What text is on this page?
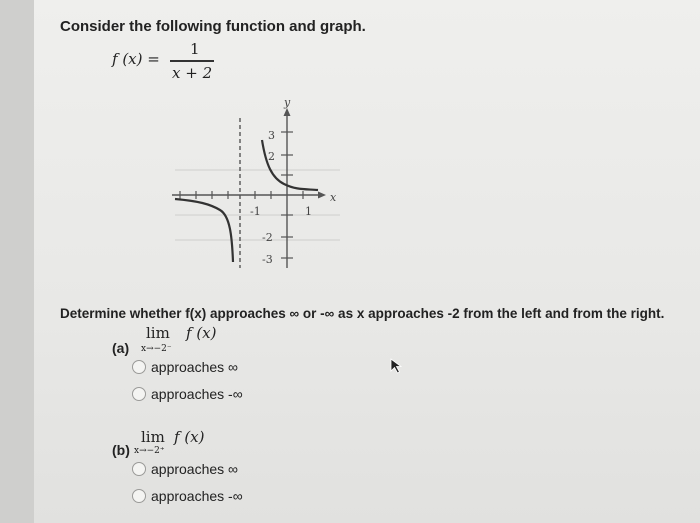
Consider the following function and graph.
f (x) =
1
x + 2
y
x
-1	1
3
2
-2
-3
Determine whether f(x) approaches ∞ or -∞ as x approaches -2 from the left and from the right.
lim f (x)
(a) x→−2⁻
approaches ∞
approaches -∞
lim f (x)
(b) x→−2⁺
approaches ∞
approaches -∞
